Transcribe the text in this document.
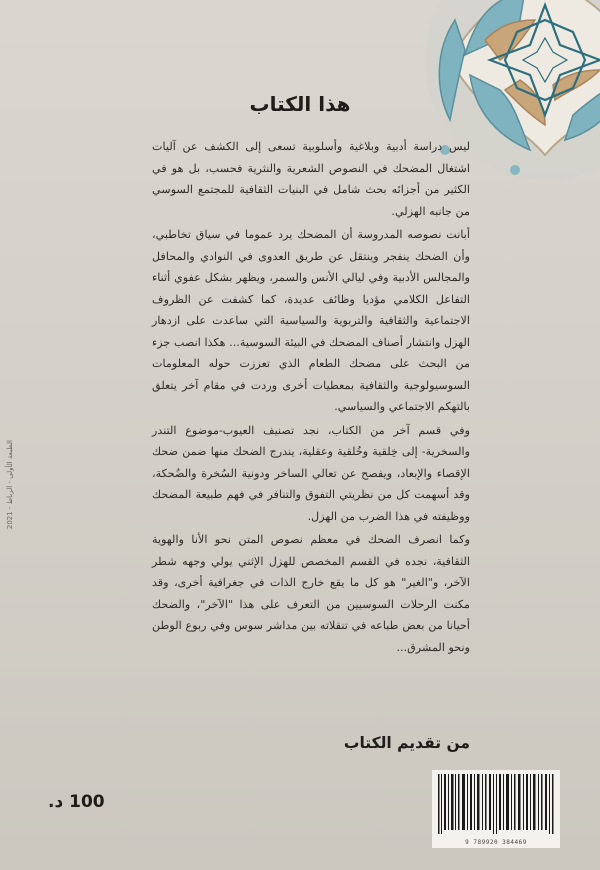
هذا الكتاب

ليس دراسة أدبية وبلاغية وأسلوبية تسعى إلى الكشف عن آليات اشتغال المضحك في النصوص الشعرية والنثرية فحسب، بل هو في الكثير من أجزائه بحث شامل في البنيات الثقافية للمجتمع السوسي من جانبه الهزلي.

أبانت نصوصه المدروسة أن المضحك يرد عموما في سياق تخاطبي، وأن الضحك ينفجر وينتقل عن طريق العدوى في النوادي والمحافل والمجالس الأدبية وفي ليالي الأنس والسمر، ويظهر بشكل عفوي أثناء التفاعل الكلامي مؤديا وظائف عديدة، كما كشفت عن الظروف الاجتماعية والثقافية والتربوية والسياسية التي ساعدت على ازدهار الهزل وانتشار أصناف المضحك في البيئة السوسية... هكذا انصب جزء من البحث على مضحك الطعام الذي تعززت حوله المعلومات السوسيولوجية والثقافية بمعطيات أخرى وردت في مقام آخر يتعلق بالتهكم الاجتماعي والسياسي.

وفي قسم آخر من الكتاب، نجد تصنيف العيوب-موضوع التندر والسخرية- إلى خِلقية وخُلقية وعقلية، يندرج الضحك منها ضمن ضحك الإقصاء والإبعاد، ويفصح عن تعالي الساخر ودونية السُخرة والضُحكة، وقد أسهمت كل من نظريتي التفوق والتنافر في فهم طبيعة المضحك ووظيفته في هذا الضرب من الهزل.

وكما انصرف الضحك في معظم نصوص المتن نحو الأنا والهوية الثقافية، نجده في القسم المخصص للهزل الإثني يولي وجهه شطر الآخر، و"الغير" هو كل ما يقع خارج الذات في جغرافية أخرى، وقد مكنت الرحلات السوسيين من التعرف على هذا "الآخر"، والضحك أحيانا من بعض طباعه في تنقلاته بين مداشر سوس وفي ربوع الوطن ونحو المشرق...

من تقديم الكتاب
الطبعة الأولى - الرباط - 2021
100 د.
9 789920 384469
